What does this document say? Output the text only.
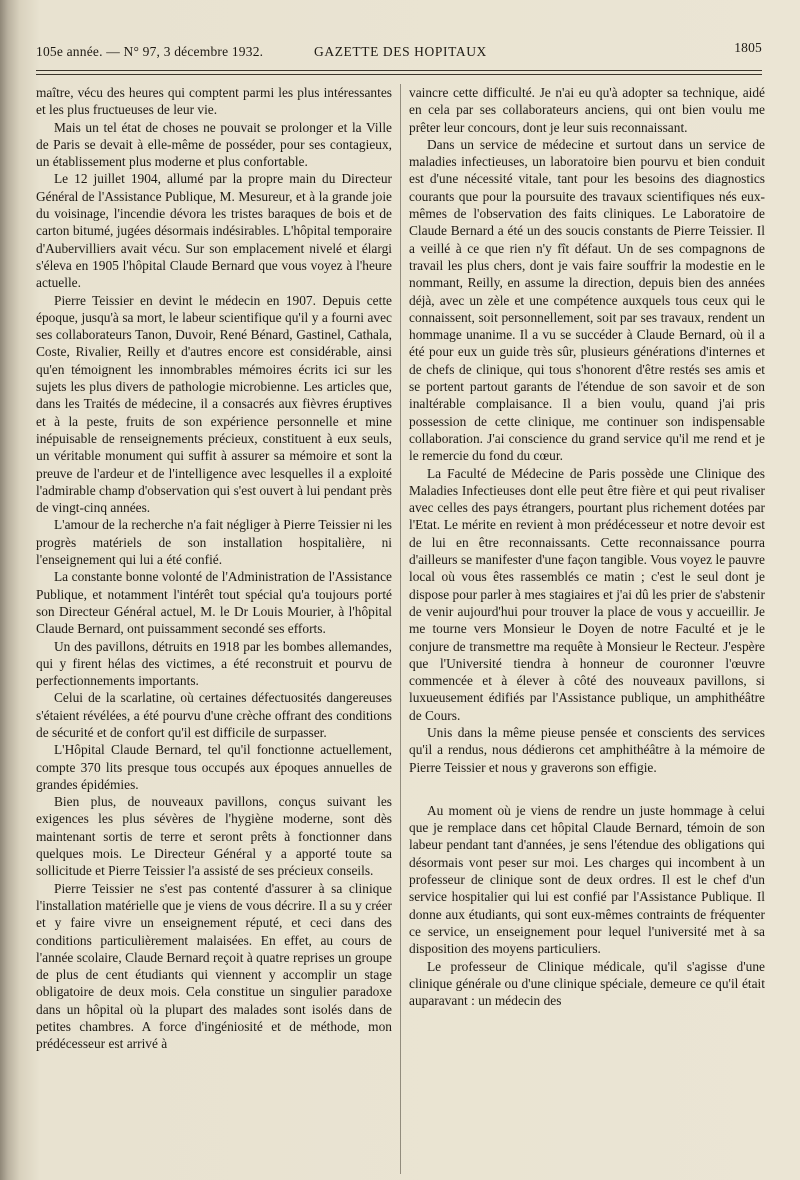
105e année. — N° 97, 3 décembre 1932.	GAZETTE DES HOPITAUX	1805

maître, vécu des heures qui comptent parmi les plus intéressantes et les plus fructueuses de leur vie.

Mais un tel état de choses ne pouvait se prolonger et la Ville de Paris se devait à elle-même de posséder, pour ses contagieux, un établissement plus moderne et plus confortable.

Le 12 juillet 1904, allumé par la propre main du Directeur Général de l'Assistance Publique, M. Mesureur, et à la grande joie du voisinage, l'incendie dévora les tristes baraques de bois et de carton bitumé, jugées désormais indésirables. L'hôpital temporaire d'Aubervilliers avait vécu. Sur son emplacement nivelé et élargi s'éleva en 1905 l'hôpital Claude Bernard que vous voyez à l'heure actuelle.

Pierre Teissier en devint le médecin en 1907. Depuis cette époque, jusqu'à sa mort, le labeur scientifique qu'il y a fourni avec ses collaborateurs Tanon, Duvoir, René Bénard, Gastinel, Cathala, Coste, Rivalier, Reilly et d'autres encore est considérable, ainsi qu'en témoignent les innombrables mémoires écrits ici sur les sujets les plus divers de pathologie microbienne. Les articles que, dans les Traités de médecine, il a consacrés aux fièvres éruptives et à la peste, fruits de son expérience personnelle et mine inépuisable de renseignements précieux, constituent à eux seuls, un véritable monument qui suffit à assurer sa mémoire et sont la preuve de l'ardeur et de l'intelligence avec lesquelles il a exploité l'admirable champ d'observation qui s'est ouvert à lui pendant près de vingt-cinq années.

L'amour de la recherche n'a fait négliger à Pierre Teissier ni les progrès matériels de son installation hospitalière, ni l'enseignement qui lui a été confié.

La constante bonne volonté de l'Administration de l'Assistance Publique, et notamment l'intérêt tout spécial qu'a toujours porté son Directeur Général actuel, M. le Dr Louis Mourier, à l'hôpital Claude Bernard, ont puissamment secondé ses efforts.

Un des pavillons, détruits en 1918 par les bombes allemandes, qui y firent hélas des victimes, a été reconstruit et pourvu de perfectionnements importants.

Celui de la scarlatine, où certaines défectuosités dangereuses s'étaient révélées, a été pourvu d'une crèche offrant des conditions de sécurité et de confort qu'il est difficile de surpasser.

L'Hôpital Claude Bernard, tel qu'il fonctionne actuellement, compte 370 lits presque tous occupés aux époques annuelles de grandes épidémies.

Bien plus, de nouveaux pavillons, conçus suivant les exigences les plus sévères de l'hygiène moderne, sont dès maintenant sortis de terre et seront prêts à fonctionner dans quelques mois. Le Directeur Général y a apporté toute sa sollicitude et Pierre Teissier l'a assisté de ses précieux conseils.

Pierre Teissier ne s'est pas contenté d'assurer à sa clinique l'installation matérielle que je viens de vous décrire. Il a su y créer et y faire vivre un enseignement réputé, et ceci dans des conditions particulièrement malaisées. En effet, au cours de l'année scolaire, Claude Bernard reçoit à quatre reprises un groupe de plus de cent étudiants qui viennent y accomplir un stage obligatoire de deux mois. Cela constitue un singulier paradoxe dans un hôpital où la plupart des malades sont isolés dans de petites chambres. A force d'ingéniosité et de méthode, mon prédécesseur est arrivé à

vaincre cette difficulté. Je n'ai eu qu'à adopter sa technique, aidé en cela par ses collaborateurs anciens, qui ont bien voulu me prêter leur concours, dont je leur suis reconnaissant.

Dans un service de médecine et surtout dans un service de maladies infectieuses, un laboratoire bien pourvu et bien conduit est d'une nécessité vitale, tant pour les besoins des diagnostics courants que pour la poursuite des travaux scientifiques nés eux-mêmes de l'observation des faits cliniques. Le Laboratoire de Claude Bernard a été un des soucis constants de Pierre Teissier. Il a veillé à ce que rien n'y fît défaut. Un de ses compagnons de travail les plus chers, dont je vais faire souffrir la modestie en le nommant, Reilly, en assume la direction, depuis bien des années déjà, avec un zèle et une compétence auxquels tous ceux qui le connaissent, soit personnellement, soit par ses travaux, rendent un hommage unanime. Il a vu se succéder à Claude Bernard, où il a été pour eux un guide très sûr, plusieurs générations d'internes et de chefs de clinique, qui tous s'honorent d'être restés ses amis et se portent partout garants de l'étendue de son savoir et de son inaltérable complaisance. Il a bien voulu, quand j'ai pris possession de cette clinique, me continuer son indispensable collaboration. J'ai conscience du grand service qu'il me rend et je le remercie du fond du cœur.

La Faculté de Médecine de Paris possède une Clinique des Maladies Infectieuses dont elle peut être fière et qui peut rivaliser avec celles des pays étrangers, pourtant plus richement dotées par l'Etat. Le mérite en revient à mon prédécesseur et notre devoir est de lui en être reconnaissants. Cette reconnaissance pourra d'ailleurs se manifester d'une façon tangible. Vous voyez le pauvre local où vous êtes rassemblés ce matin ; c'est le seul dont je dispose pour parler à mes stagiaires et j'ai dû les prier de s'abstenir de venir aujourd'hui pour trouver la place de vous y accueillir. Je me tourne vers Monsieur le Doyen de notre Faculté et je le conjure de transmettre ma requête à Monsieur le Recteur. J'espère que l'Université tiendra à honneur de couronner l'œuvre commencée et à élever à côté des nouveaux pavillons, si luxueusement édifiés par l'Assistance publique, un amphithéâtre de Cours.

Unis dans la même pieuse pensée et conscients des services qu'il a rendus, nous dédierons cet amphithéâtre à la mémoire de Pierre Teissier et nous y graverons son effigie.

Au moment où je viens de rendre un juste hommage à celui que je remplace dans cet hôpital Claude Bernard, témoin de son labeur pendant tant d'années, je sens l'étendue des obligations qui désormais vont peser sur moi. Les charges qui incombent à un professeur de clinique sont de deux ordres. Il est le chef d'un service hospitalier qui lui est confié par l'Assistance Publique. Il donne aux étudiants, qui sont eux-mêmes contraints de fréquenter ce service, un enseignement pour lequel l'université met à sa disposition des moyens particuliers.

Le professeur de Clinique médicale, qu'il s'agisse d'une clinique générale ou d'une clinique spéciale, demeure ce qu'il était auparavant : un médecin des
